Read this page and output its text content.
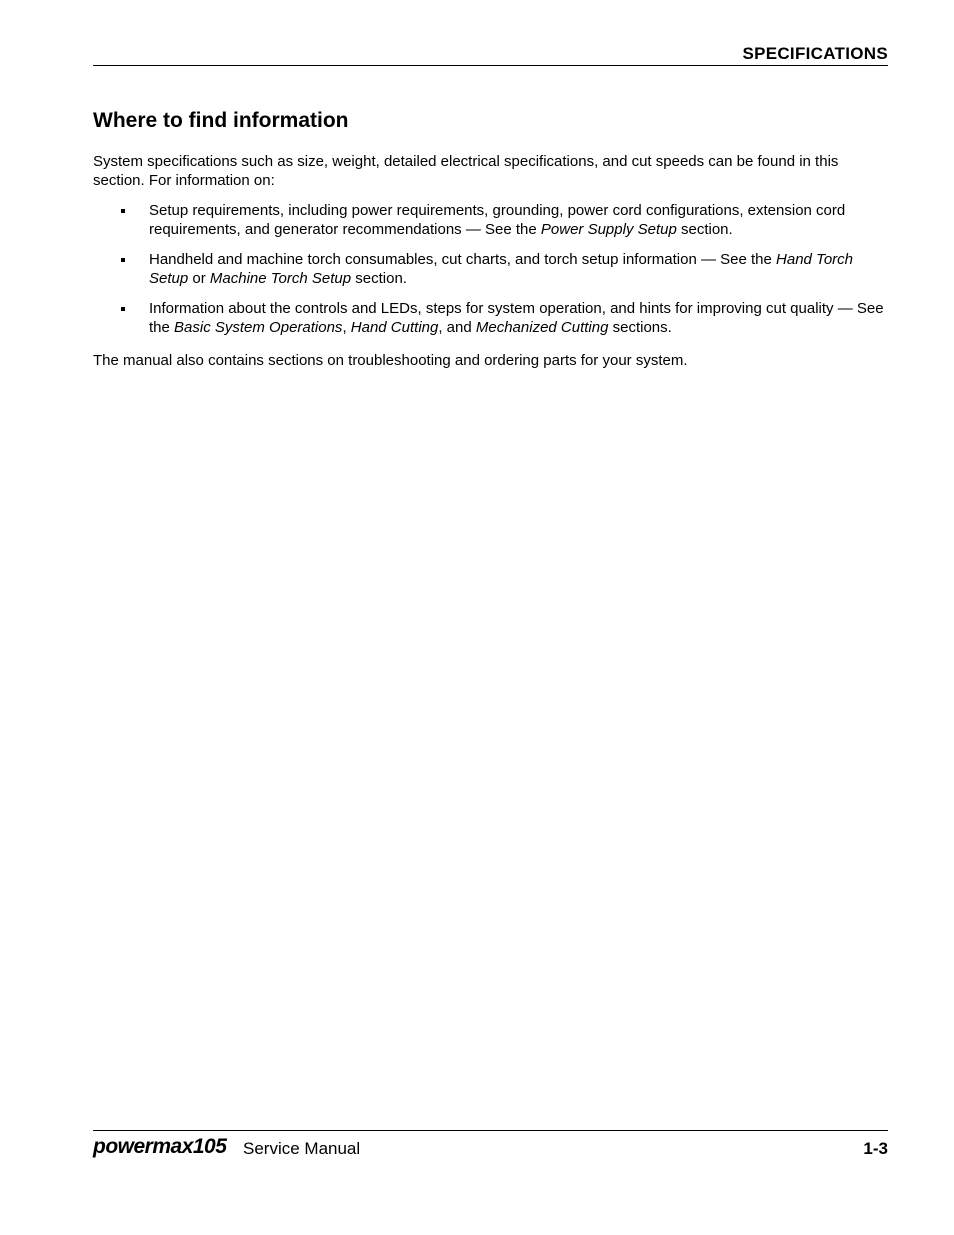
SPECIFICATIONS
Where to find information

System specifications such as size, weight, detailed electrical specifications, and cut speeds can be found in this section. For information on:

Setup requirements, including power requirements, grounding, power cord configurations, extension cord requirements, and generator recommendations — See the Power Supply Setup section.
Handheld and machine torch consumables, cut charts, and torch setup information — See the Hand Torch Setup or Machine Torch Setup section.
Information about the controls and LEDs, steps for system operation, and hints for improving cut quality — See the Basic System Operations, Hand Cutting, and Mechanized Cutting sections.

The manual also contains sections on troubleshooting and ordering parts for your system.

powermax105 Service Manual	1-3
